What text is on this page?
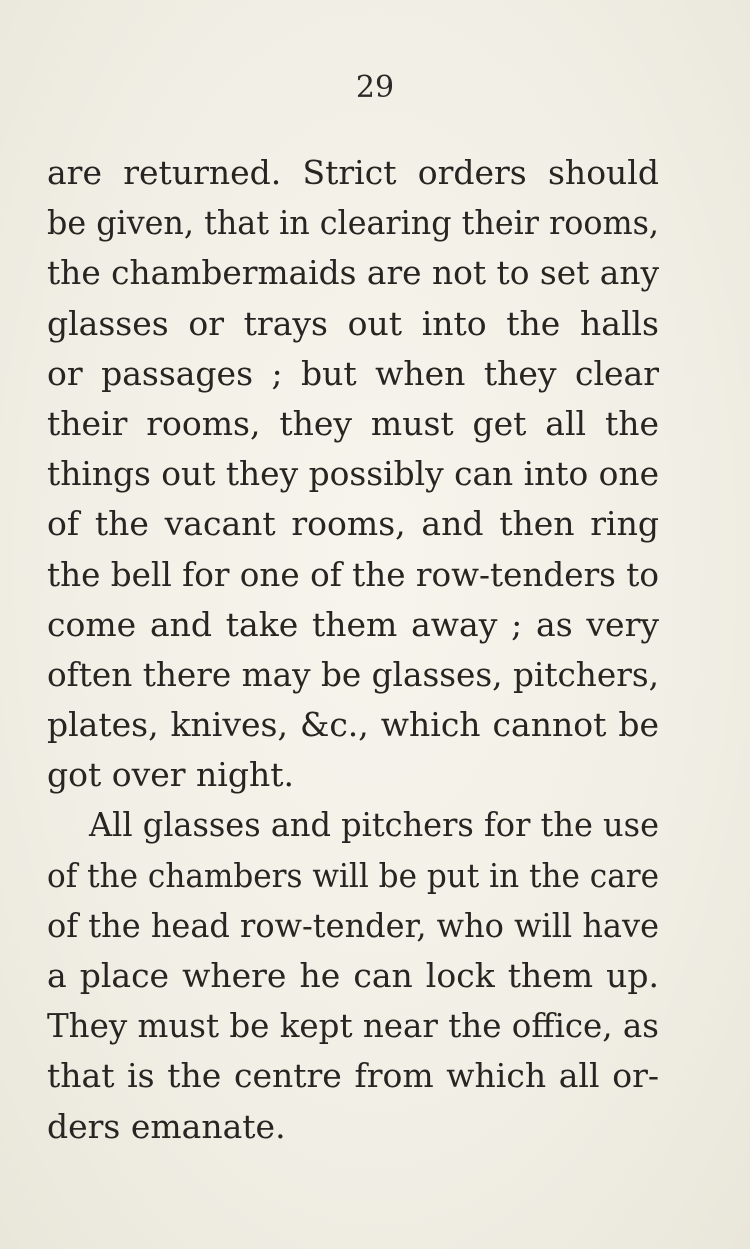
29
are returned. Strict orders should
be given, that in clearing their rooms,
the chambermaids are not to set any
glasses or trays out into the halls
or passages ; but when they clear
their rooms, they must get all the
things out they possibly can into one
of the vacant rooms, and then ring
the bell for one of the row-tenders to
come and take them away ; as very
often there may be glasses, pitchers,
plates, knives, &c., which cannot be
got over night.
All glasses and pitchers for the use
of the chambers will be put in the care
of the head row-tender, who will have
a place where he can lock them up.
They must be kept near the office, as
that is the centre from which all or-
ders emanate.
